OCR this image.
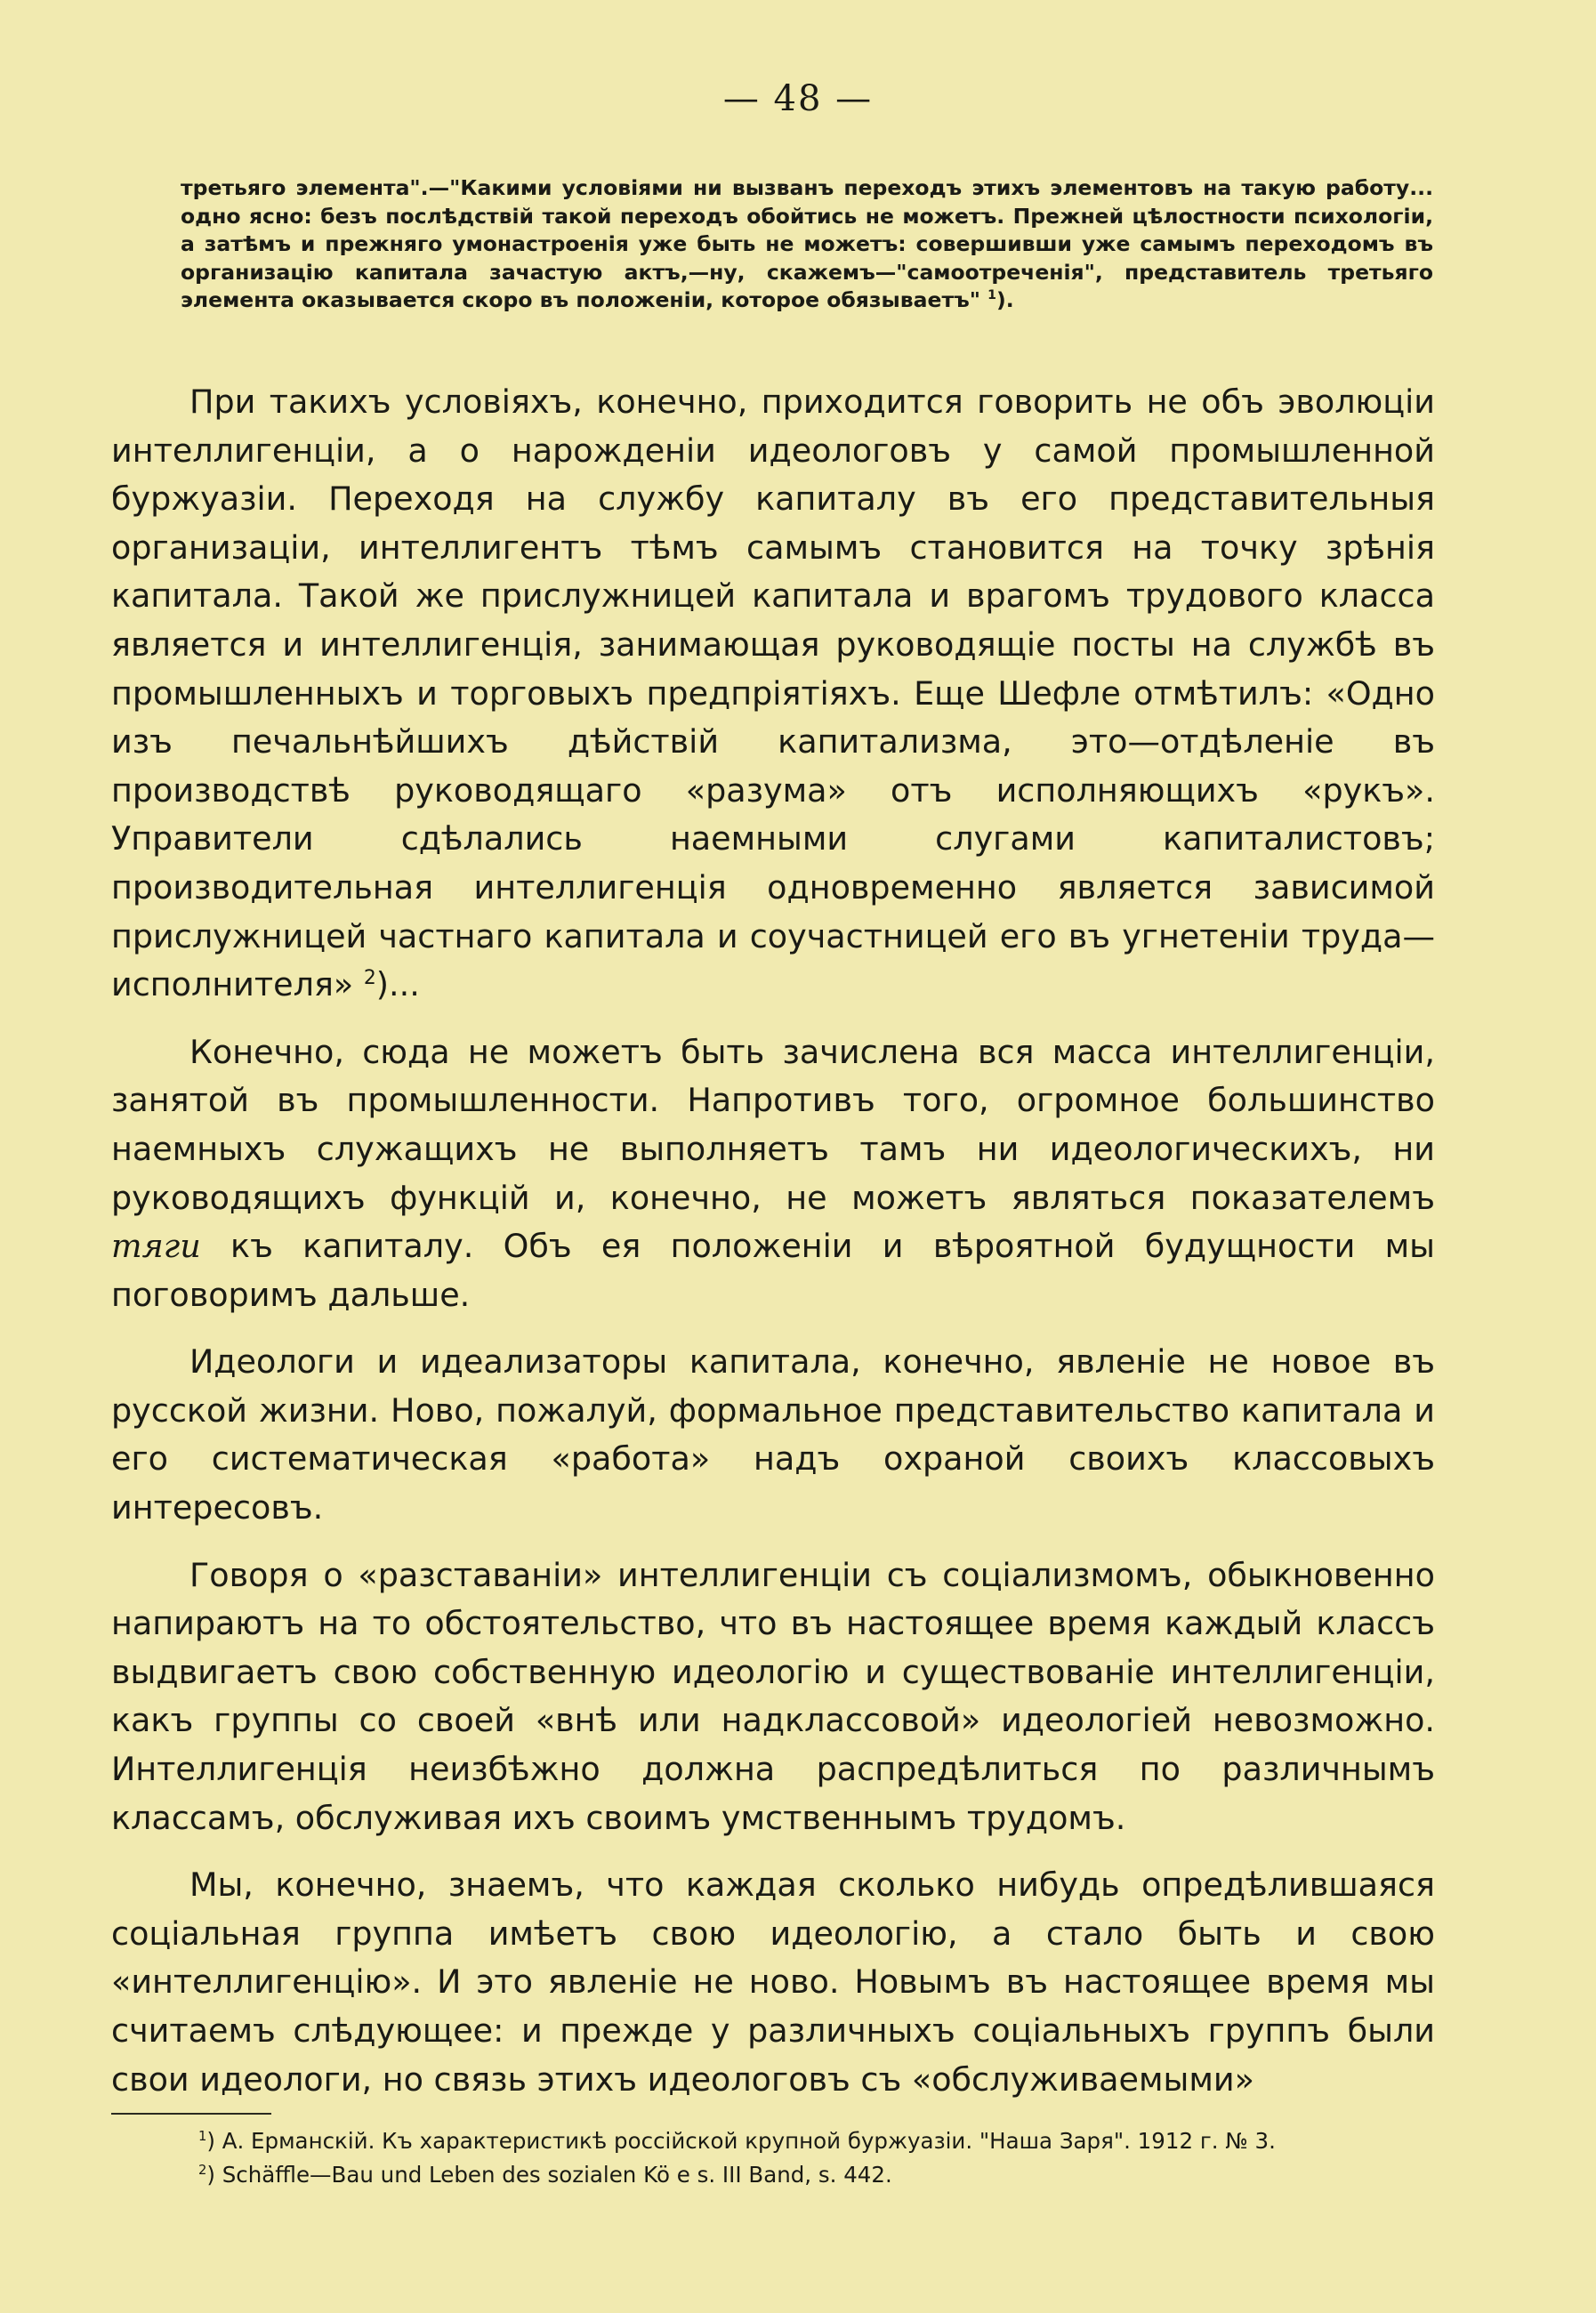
— 48 —

третьяго элемента".—"Какими условіями ни вызванъ переходъ этихъ элементовъ на такую работу... одно ясно: безъ послѣдствій такой переходъ обойтись не можетъ. Прежней цѣлостности психологіи, а затѣмъ и прежняго умонастроенія уже быть не можетъ: совершивши уже самымъ переходомъ въ организацію капитала зачастую актъ,—ну, скажемъ—"самоотреченія", представитель третьяго элемента оказывается скоро въ положеніи, которое обязываетъ" $^1$).

При такихъ условіяхъ, конечно, приходится говорить не объ эволюціи интеллигенціи, а о нарожденіи идеологовъ у самой промышленной буржуазіи. Переходя на службу капиталу въ его представительныя организаціи, интеллигентъ тѣмъ самымъ становится на точку зрѣнія капитала. Такой же прислужницей капитала и врагомъ трудового класса является и интеллигенція, занимающая руководящіе посты на службѣ въ промышленныхъ и торговыхъ предпріятіяхъ. Еще Шефле отмѣтилъ: «Одно изъ печальнѣйшихъ дѣйствій капитализма, это—отдѣленіе въ производствѣ руководящаго «разума» отъ исполняющихъ «рукъ». Управители сдѣлались наемными слугами капиталистовъ; производительная интеллигенція одновременно является зависимой прислужницей частнаго капитала и соучастницей его въ угнетеніи труда—исполнителя» $^2$)...

Конечно, сюда не можетъ быть зачислена вся масса интеллигенціи, занятой въ промышленности. Напротивъ того, огромное большинство наемныхъ служащихъ не выполняетъ тамъ ни идеологическихъ, ни руководящихъ функцій и, конечно, не можетъ являться показателемъ тяги къ капиталу. Объ ея положеніи и вѣроятной будущности мы поговоримъ дальше.

Идеологи и идеализаторы капитала, конечно, явленіе не новое въ русской жизни. Ново, пожалуй, формальное представительство капитала и его систематическая «работа» надъ охраной своихъ классовыхъ интересовъ.

Говоря о «разставаніи» интеллигенціи съ соціализмомъ, обыкновенно напираютъ на то обстоятельство, что въ настоящее время каждый классъ выдвигаетъ свою собственную идеологію и существованіе интеллигенціи, какъ группы со своей «внѣ или надклассовой» идеологіей невозможно. Интеллигенція неизбѣжно должна распредѣлиться по различнымъ классамъ, обслуживая ихъ своимъ умственнымъ трудомъ.

Мы, конечно, знаемъ, что каждая сколько нибудь опредѣлившаяся соціальная группа имѣетъ свою идеологію, а стало быть и свою «интеллигенцію». И это явленіе не ново. Новымъ въ настоящее время мы считаемъ слѣдующее: и прежде у различныхъ соціальныхъ группъ были свои идеологи, но связь этихъ идеологовъ съ «обслуживаемыми»

$^1$) А. Ерманскій. Къ характеристикѣ россійской крупной буржуазіи. "Наша Заря". 1912 г. № 3.

$^2$) Schäffle—Bau und Leben des sozialen Kö e s. III Band, s. 442.
